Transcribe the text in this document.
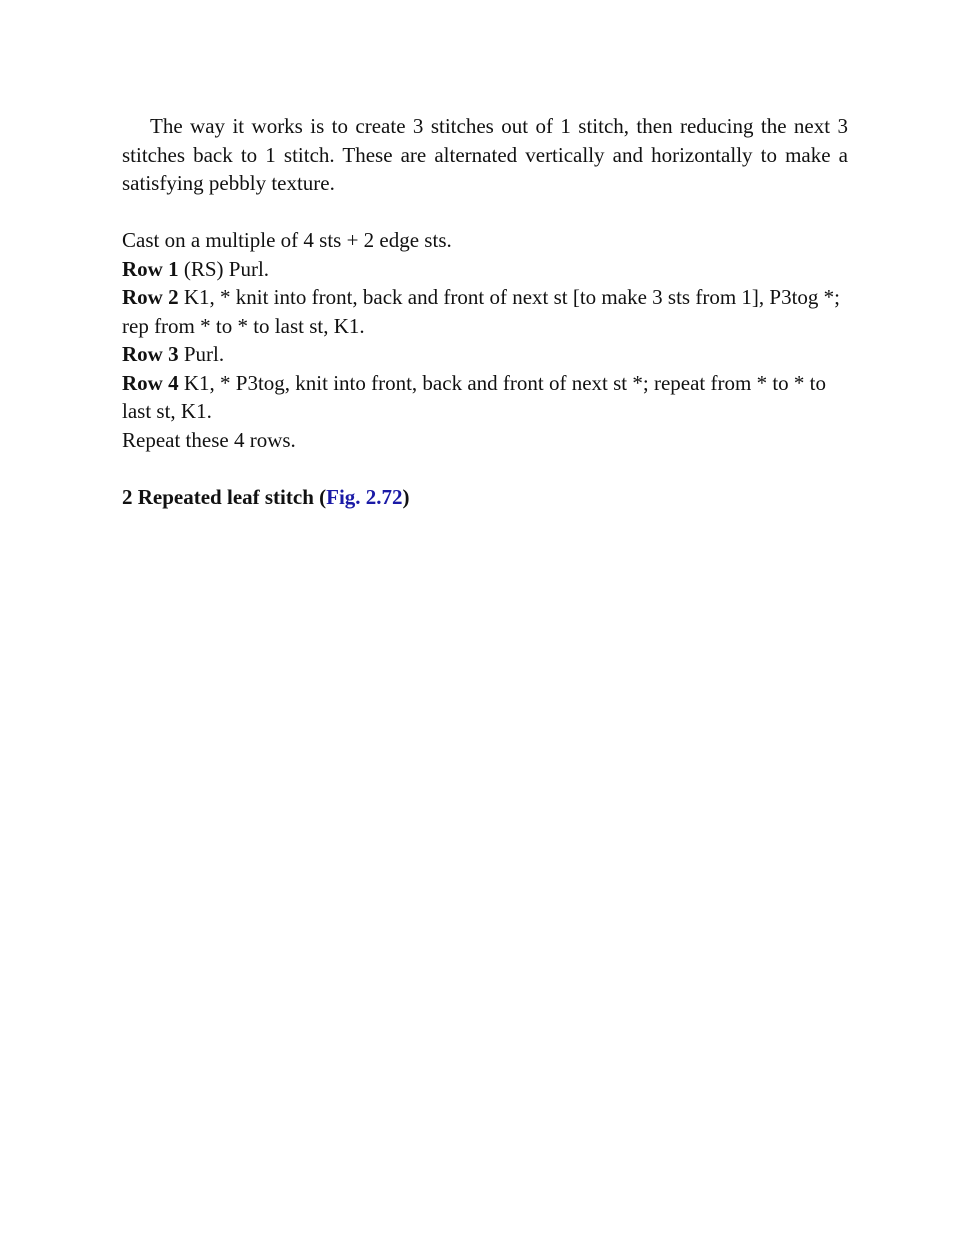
The way it works is to create 3 stitches out of 1 stitch, then reducing the next 3 stitches back to 1 stitch. These are alternated vertically and horizontally to make a satisfying pebbly texture.

Cast on a multiple of 4 sts + 2 edge sts.

Row 1 (RS) Purl.

Row 2 K1, * knit into front, back and front of next st [to make 3 sts from 1], P3tog *; rep from * to * to last st, K1.

Row 3 Purl.

Row 4 K1, * P3tog, knit into front, back and front of next st *; repeat from * to * to last st, K1.

Repeat these 4 rows.

2 Repeated leaf stitch (Fig. 2.72)
